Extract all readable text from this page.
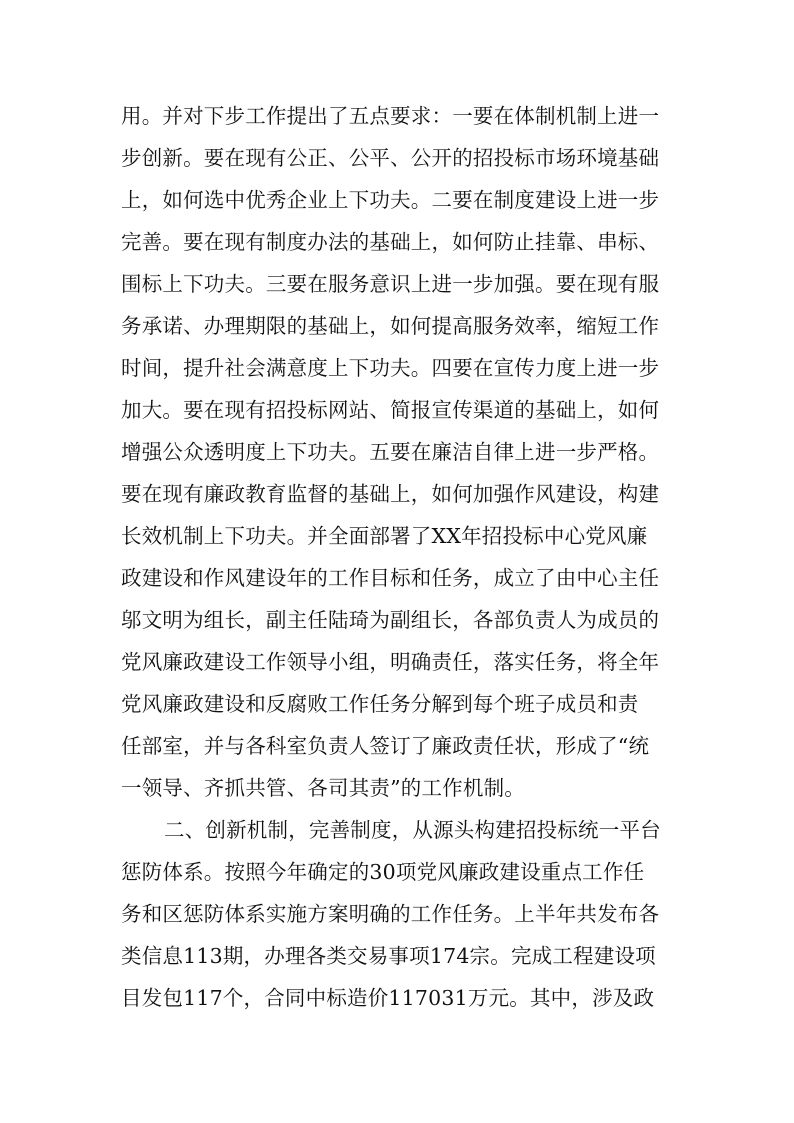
用。并对下步工作提出了五点要求：一要在体制机制上进一
步创新。要在现有公正、公平、公开的招投标市场环境基础
上，如何选中优秀企业上下功夫。二要在制度建设上进一步
完善。要在现有制度办法的基础上，如何防止挂靠、串标、
围标上下功夫。三要在服务意识上进一步加强。要在现有服
务承诺、办理期限的基础上，如何提高服务效率，缩短工作
时间，提升社会满意度上下功夫。四要在宣传力度上进一步
加大。要在现有招投标网站、简报宣传渠道的基础上，如何
增强公众透明度上下功夫。五要在廉洁自律上进一步严格。
要在现有廉政教育监督的基础上，如何加强作风建设，构建
长效机制上下功夫。并全面部署了XX年招投标中心党风廉
政建设和作风建设年的工作目标和任务，成立了由中心主任
邬文明为组长，副主任陆琦为副组长，各部负责人为成员的
党风廉政建设工作领导小组，明确责任，落实任务，将全年
党风廉政建设和反腐败工作任务分解到每个班子成员和责
任部室，并与各科室负责人签订了廉政责任状，形成了“统
一领导、齐抓共管、各司其责”的工作机制。
二、创新机制，完善制度，从源头构建招投标统一平台
惩防体系。按照今年确定的30项党风廉政建设重点工作任
务和区惩防体系实施方案明确的工作任务。上半年共发布各
类信息113期，办理各类交易事项174宗。完成工程建设项
目发包117个，合同中标造价117031万元。其中，涉及政
